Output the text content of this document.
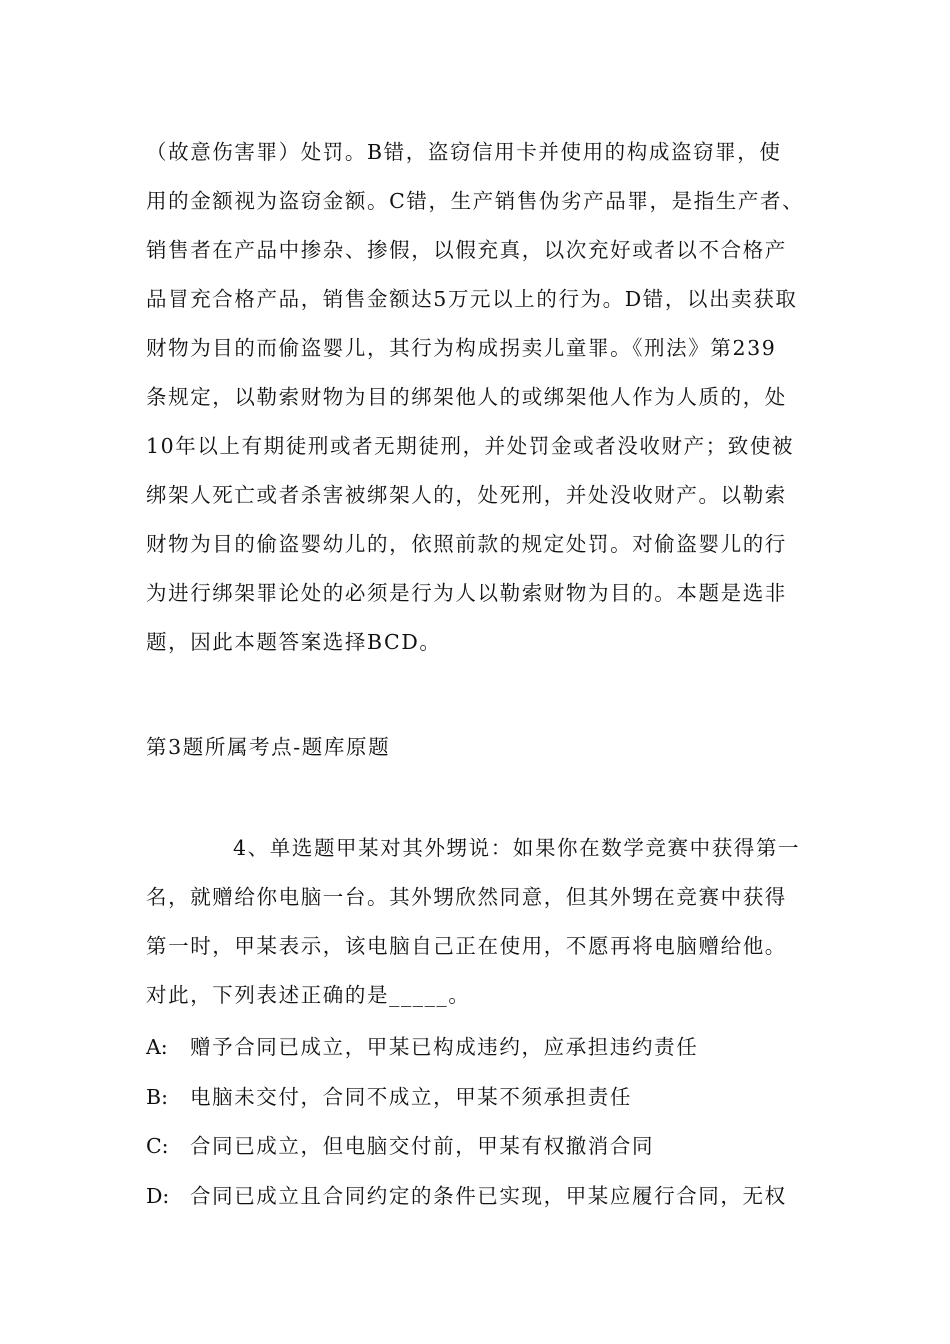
（故意伤害罪）处罚。B错，盗窃信用卡并使用的构成盗窃罪，使
用的金额视为盗窃金额。C错，生产销售伪劣产品罪，是指生产者、
销售者在产品中掺杂、掺假，以假充真，以次充好或者以不合格产
品冒充合格产品，销售金额达5万元以上的行为。D错，以出卖获取
财物为目的而偷盗婴儿，其行为构成拐卖儿童罪。《刑法》第239
条规定，以勒索财物为目的绑架他人的或绑架他人作为人质的，处
10年以上有期徒刑或者无期徒刑，并处罚金或者没收财产；致使被
绑架人死亡或者杀害被绑架人的，处死刑，并处没收财产。以勒索
财物为目的偷盗婴幼儿的，依照前款的规定处罚。对偷盗婴儿的行
为进行绑架罪论处的必须是行为人以勒索财物为目的。本题是选非
题，因此本题答案选择BCD。
第3题所属考点-题库原题
4、单选题甲某对其外甥说：如果你在数学竞赛中获得第一
名，就赠给你电脑一台。其外甥欣然同意，但其外甥在竞赛中获得
第一时，甲某表示，该电脑自己正在使用，不愿再将电脑赠给他。
对此，下列表述正确的是_____。
A: 赠予合同已成立，甲某已构成违约，应承担违约责任
B: 电脑未交付，合同不成立，甲某不须承担责任
C: 合同已成立，但电脑交付前，甲某有权撤消合同
D: 合同已成立且合同约定的条件已实现，甲某应履行合同，无权
